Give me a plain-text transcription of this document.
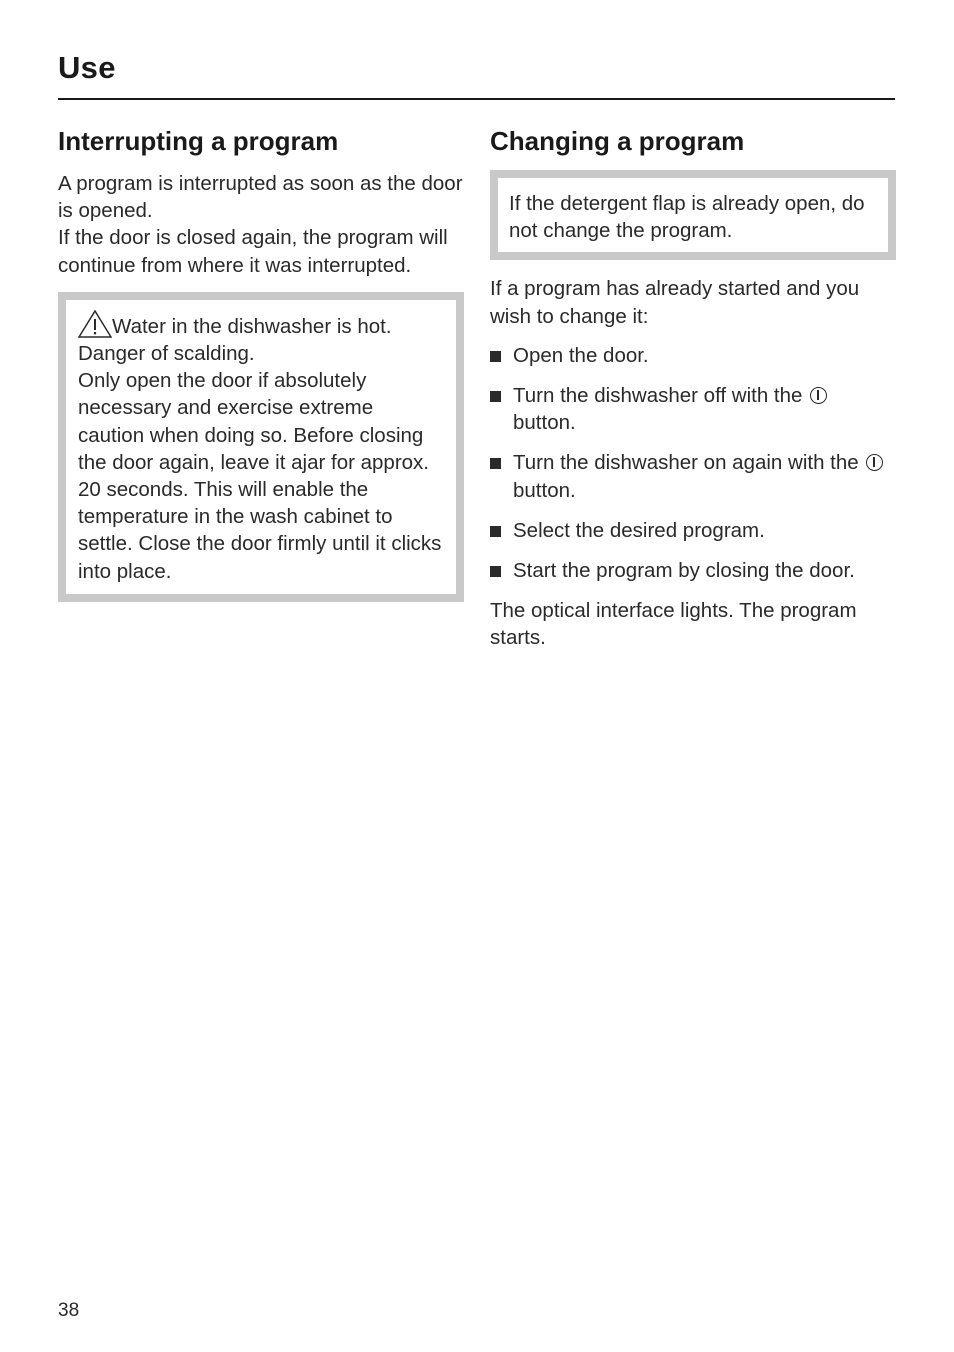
Use
Interrupting a program

A program is interrupted as soon as the door is opened.

If the door is closed again, the program will continue from where it was interrupted.

Water in the dishwasher is hot. Danger of scalding.

Only open the door if absolutely necessary and exercise extreme caution when doing so. Before closing the door again, leave it ajar for approx. 20 seconds. This will enable the temperature in the wash cabinet to settle. Close the door firmly until it clicks into place.

Changing a program

If the detergent flap is already open, do not change the program.

If a program has already started and you wish to change it:

Open the door.
Turn the dishwasher off with the
button.
Turn the dishwasher on again with the  button.
Select the desired program.
Start the program by closing the door.

The optical interface lights. The program starts.

38
